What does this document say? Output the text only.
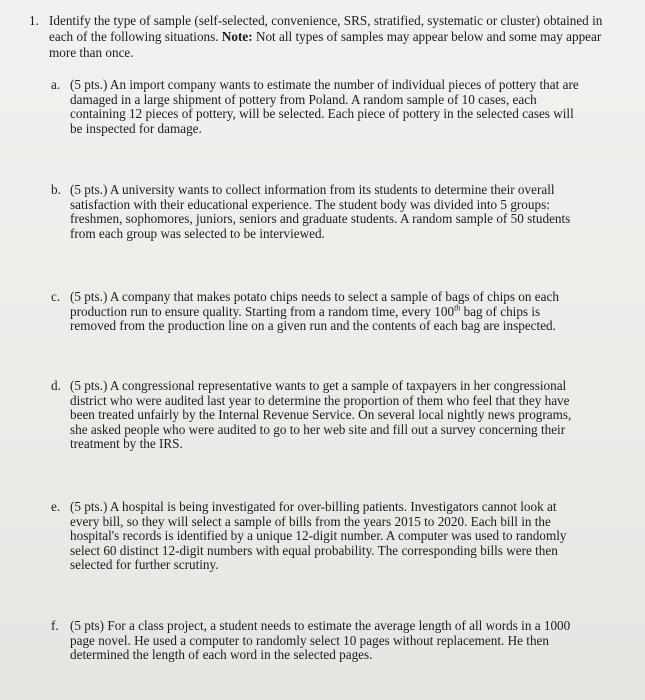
1. Identify the type of sample (self-selected, convenience, SRS, stratified, systematic or cluster) obtained in each of the following situations. Note: Not all types of samples may appear below and some may appear more than once.
a. (5 pts.) An import company wants to estimate the number of individual pieces of pottery that are damaged in a large shipment of pottery from Poland. A random sample of 10 cases, each containing 12 pieces of pottery, will be selected. Each piece of pottery in the selected cases will be inspected for damage.
b. (5 pts.) A university wants to collect information from its students to determine their overall satisfaction with their educational experience. The student body was divided into 5 groups: freshmen, sophomores, juniors, seniors and graduate students. A random sample of 50 students from each group was selected to be interviewed.
c. (5 pts.) A company that makes potato chips needs to select a sample of bags of chips on each production run to ensure quality. Starting from a random time, every 100th bag of chips is removed from the production line on a given run and the contents of each bag are inspected.
d. (5 pts.) A congressional representative wants to get a sample of taxpayers in her congressional district who were audited last year to determine the proportion of them who feel that they have been treated unfairly by the Internal Revenue Service. On several local nightly news programs, she asked people who were audited to go to her web site and fill out a survey concerning their treatment by the IRS.
e. (5 pts.) A hospital is being investigated for over-billing patients. Investigators cannot look at every bill, so they will select a sample of bills from the years 2015 to 2020. Each bill in the hospital's records is identified by a unique 12-digit number. A computer was used to randomly select 60 distinct 12-digit numbers with equal probability. The corresponding bills were then selected for further scrutiny.
f. (5 pts) For a class project, a student needs to estimate the average length of all words in a 1000 page novel. He used a computer to randomly select 10 pages without replacement. He then determined the length of each word in the selected pages.
